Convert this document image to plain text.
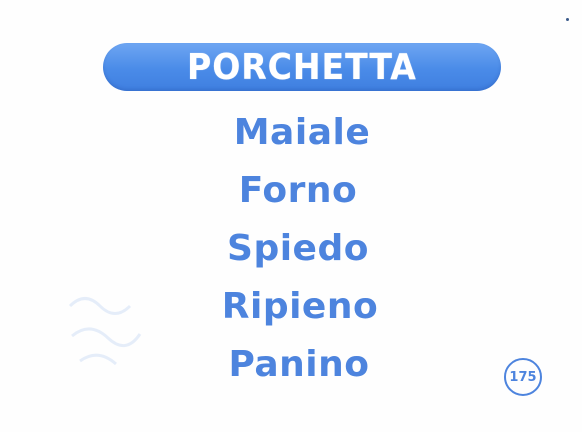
PORCHETTA
Maiale
Forno
Spiedo
Ripieno
Panino	175
